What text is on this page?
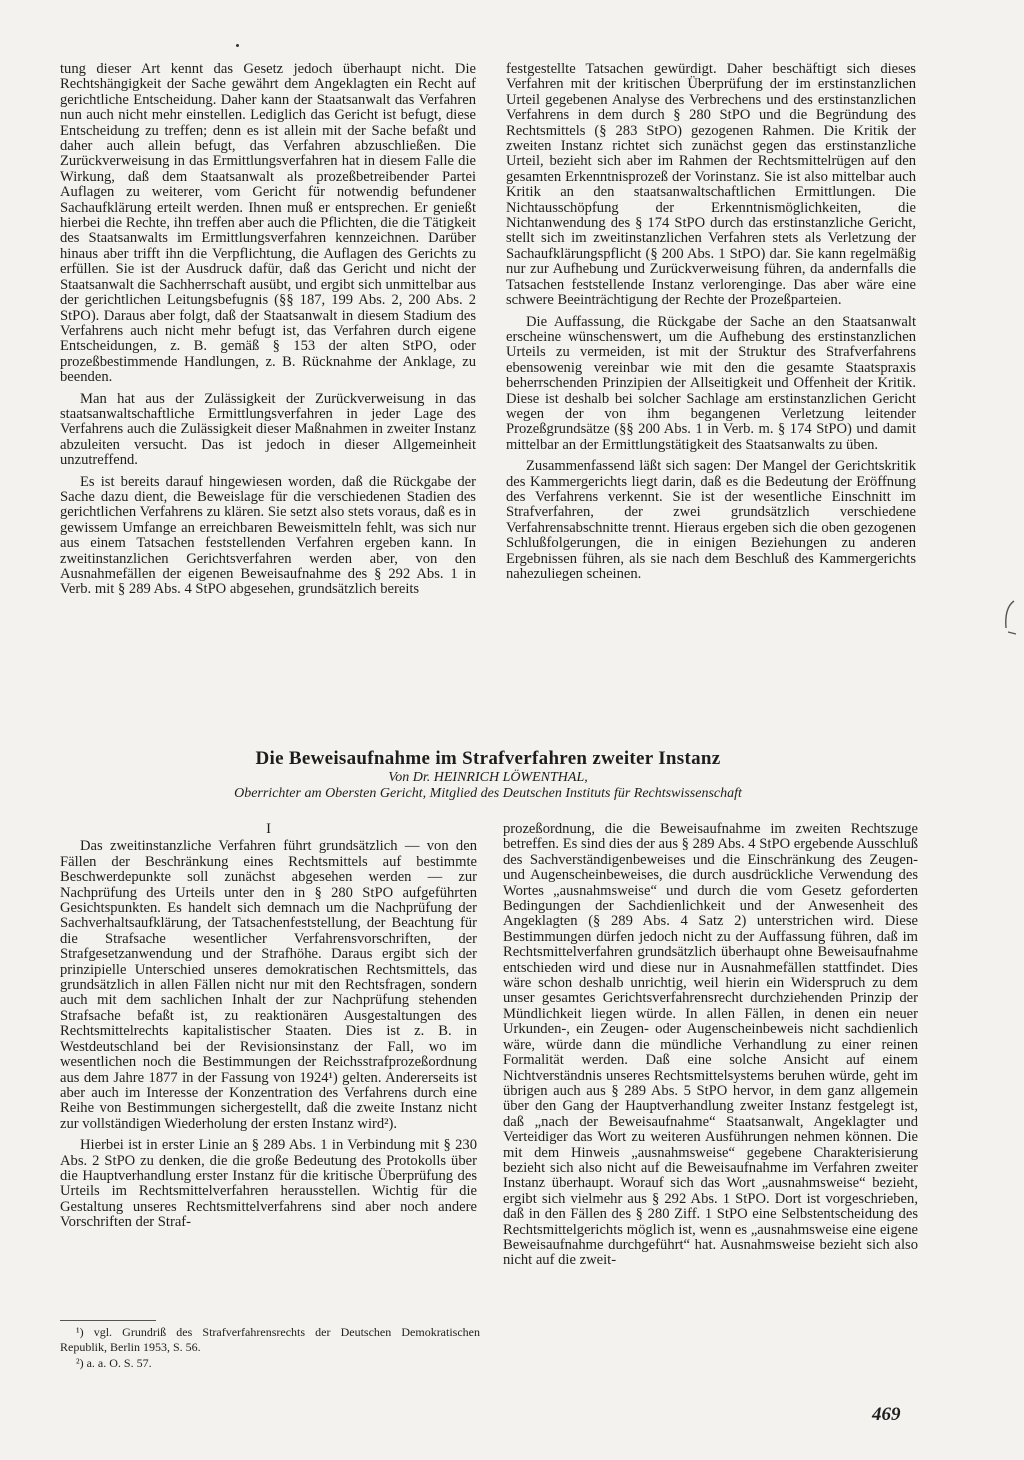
tung dieser Art kennt das Gesetz jedoch überhaupt nicht. Die Rechtshängigkeit der Sache gewährt dem Angeklagten ein Recht auf gerichtliche Entscheidung. Daher kann der Staatsanwalt das Verfahren nun auch nicht mehr einstellen. Lediglich das Gericht ist befugt, diese Entscheidung zu treffen; denn es ist allein mit der Sache befaßt und daher auch allein befugt, das Verfahren abzuschließen. Die Zurückverweisung in das Ermittlungsverfahren hat in diesem Falle die Wirkung, daß dem Staatsanwalt als prozeßbetreibender Partei Auflagen zu weiterer, vom Gericht für notwendig befundener Sachaufklärung erteilt werden. Ihnen muß er entsprechen. Er genießt hierbei die Rechte, ihn treffen aber auch die Pflichten, die die Tätigkeit des Staatsanwalts im Ermittlungsverfahren kennzeichnen. Darüber hinaus aber trifft ihn die Verpflichtung, die Auflagen des Gerichts zu erfüllen. Sie ist der Ausdruck dafür, daß das Gericht und nicht der Staatsanwalt die Sachherrschaft ausübt, und ergibt sich unmittelbar aus der gerichtlichen Leitungsbefugnis (§§ 187, 199 Abs. 2, 200 Abs. 2 StPO). Daraus aber folgt, daß der Staatsanwalt in diesem Stadium des Verfahrens auch nicht mehr befugt ist, das Verfahren durch eigene Entscheidungen, z. B. gemäß § 153 der alten StPO, oder prozeßbestimmende Handlungen, z. B. Rücknahme der Anklage, zu beenden.

Man hat aus der Zulässigkeit der Zurückverweisung in das staatsanwaltschaftliche Ermittlungsverfahren in jeder Lage des Verfahrens auch die Zulässigkeit dieser Maßnahmen in zweiter Instanz abzuleiten versucht. Das ist jedoch in dieser Allgemeinheit unzutreffend.

Es ist bereits darauf hingewiesen worden, daß die Rückgabe der Sache dazu dient, die Beweislage für die verschiedenen Stadien des gerichtlichen Verfahrens zu klären. Sie setzt also stets voraus, daß es in gewissem Umfange an erreichbaren Beweismitteln fehlt, was sich nur aus einem Tatsachen feststellenden Verfahren ergeben kann. In zweitinstanzlichen Gerichtsverfahren werden aber, von den Ausnahmefällen der eigenen Beweisaufnahme des § 292 Abs. 1 in Verb. mit § 289 Abs. 4 StPO abgesehen, grundsätzlich bereits

festgestellte Tatsachen gewürdigt. Daher beschäftigt sich dieses Verfahren mit der kritischen Überprüfung der im erstinstanzlichen Urteil gegebenen Analyse des Verbrechens und des erstinstanzlichen Verfahrens in dem durch § 280 StPO und die Begründung des Rechtsmittels (§ 283 StPO) gezogenen Rahmen. Die Kritik der zweiten Instanz richtet sich zunächst gegen das erstinstanzliche Urteil, bezieht sich aber im Rahmen der Rechtsmittelrügen auf den gesamten Erkenntnisprozeß der Vorinstanz. Sie ist also mittelbar auch Kritik an den staatsanwaltschaftlichen Ermittlungen. Die Nichtausschöpfung der Erkenntnismöglichkeiten, die Nichtanwendung des § 174 StPO durch das erstinstanzliche Gericht, stellt sich im zweitinstanzlichen Verfahren stets als Verletzung der Sachaufklärungspflicht (§ 200 Abs. 1 StPO) dar. Sie kann regelmäßig nur zur Aufhebung und Zurückverweisung führen, da andernfalls die Tatsachen feststellende Instanz verlorenginge. Das aber wäre eine schwere Beeinträchtigung der Rechte der Prozeßparteien.

Die Auffassung, die Rückgabe der Sache an den Staatsanwalt erscheine wünschenswert, um die Aufhebung des erstinstanzlichen Urteils zu vermeiden, ist mit der Struktur des Strafverfahrens ebensowenig vereinbar wie mit den die gesamte Staatspraxis beherrschenden Prinzipien der Allseitigkeit und Offenheit der Kritik. Diese ist deshalb bei solcher Sachlage am erstinstanzlichen Gericht wegen der von ihm begangenen Verletzung leitender Prozeßgrundsätze (§§ 200 Abs. 1 in Verb. m. § 174 StPO) und damit mittelbar an der Ermittlungstätigkeit des Staatsanwalts zu üben.

Zusammenfassend läßt sich sagen: Der Mangel der Gerichtskritik des Kammergerichts liegt darin, daß es die Bedeutung der Eröffnung des Verfahrens verkennt. Sie ist der wesentliche Einschnitt im Strafverfahren, der zwei grundsätzlich verschiedene Verfahrensabschnitte trennt. Hieraus ergeben sich die oben gezogenen Schlußfolgerungen, die in einigen Beziehungen zu anderen Ergebnissen führen, als sie nach dem Beschluß des Kammergerichts nahezuliegen scheinen.

Die Beweisaufnahme im Strafverfahren zweiter Instanz

Von Dr. HEINRICH LÖWENTHAL,

Oberrichter am Obersten Gericht, Mitglied des Deutschen Instituts für Rechtswissenschaft

I

Das zweitinstanzliche Verfahren führt grundsätzlich — von den Fällen der Beschränkung eines Rechtsmittels auf bestimmte Beschwerdepunkte soll zunächst abgesehen werden — zur Nachprüfung des Urteils unter den in § 280 StPO aufgeführten Gesichtspunkten. Es handelt sich demnach um die Nachprüfung der Sachverhaltsaufklärung, der Tatsachenfeststellung, der Beachtung für die Strafsache wesentlicher Verfahrensvorschriften, der Strafgesetzanwendung und der Strafhöhe. Daraus ergibt sich der prinzipielle Unterschied unseres demokratischen Rechtsmittels, das grundsätzlich in allen Fällen nicht nur mit den Rechtsfragen, sondern auch mit dem sachlichen Inhalt der zur Nachprüfung stehenden Strafsache befaßt ist, zu reaktionären Ausgestaltungen des Rechtsmittelrechts kapitalistischer Staaten. Dies ist z. B. in Westdeutschland bei der Revisionsinstanz der Fall, wo im wesentlichen noch die Bestimmungen der Reichsstrafprozeßordnung aus dem Jahre 1877 in der Fassung von 1924¹) gelten. Andererseits ist aber auch im Interesse der Konzentration des Verfahrens durch eine Reihe von Bestimmungen sichergestellt, daß die zweite Instanz nicht zur vollständigen Wiederholung der ersten Instanz wird²).

Hierbei ist in erster Linie an § 289 Abs. 1 in Verbindung mit § 230 Abs. 2 StPO zu denken, die die große Bedeutung des Protokolls über die Hauptverhandlung erster Instanz für die kritische Überprüfung des Urteils im Rechtsmittelverfahren herausstellen. Wichtig für die Gestaltung unseres Rechtsmittelverfahrens sind aber noch andere Vorschriften der Straf-

prozeßordnung, die die Beweisaufnahme im zweiten Rechtszuge betreffen. Es sind dies der aus § 289 Abs. 4 StPO ergebende Ausschluß des Sachverständigenbeweises und die Einschränkung des Zeugen- und Augenscheinbeweises, die durch ausdrückliche Verwendung des Wortes „ausnahmsweise“ und durch die vom Gesetz geforderten Bedingungen der Sachdienlichkeit und der Anwesenheit des Angeklagten (§ 289 Abs. 4 Satz 2) unterstrichen wird. Diese Bestimmungen dürfen jedoch nicht zu der Auffassung führen, daß im Rechtsmittelverfahren grundsätzlich überhaupt ohne Beweisaufnahme entschieden wird und diese nur in Ausnahmefällen stattfindet. Dies wäre schon deshalb unrichtig, weil hierin ein Widerspruch zu dem unser gesamtes Gerichtsverfahrensrecht durchziehenden Prinzip der Mündlichkeit liegen würde. In allen Fällen, in denen ein neuer Urkunden-, ein Zeugen- oder Augenscheinbeweis nicht sachdienlich wäre, würde dann die mündliche Verhandlung zu einer reinen Formalität werden. Daß eine solche Ansicht auf einem Nichtverständnis unseres Rechtsmittelsystems beruhen würde, geht im übrigen auch aus § 289 Abs. 5 StPO hervor, in dem ganz allgemein über den Gang der Hauptverhandlung zweiter Instanz festgelegt ist, daß „nach der Beweisaufnahme“ Staatsanwalt, Angeklagter und Verteidiger das Wort zu weiteren Ausführungen nehmen können. Die mit dem Hinweis „ausnahmsweise“ gegebene Charakterisierung bezieht sich also nicht auf die Beweisaufnahme im Verfahren zweiter Instanz überhaupt. Worauf sich das Wort „ausnahmsweise“ bezieht, ergibt sich vielmehr aus § 292 Abs. 1 StPO. Dort ist vorgeschrieben, daß in den Fällen des § 280 Ziff. 1 StPO eine Selbstentscheidung des Rechtsmittelgerichts möglich ist, wenn es „ausnahmsweise eine eigene Beweisaufnahme durchgeführt“ hat. Ausnahmsweise bezieht sich also nicht auf die zweit-

¹) vgl. Grundriß des Strafverfahrensrechts der Deutschen Demokratischen Republik, Berlin 1953, S. 56.

²) a. a. O. S. 57.

469
